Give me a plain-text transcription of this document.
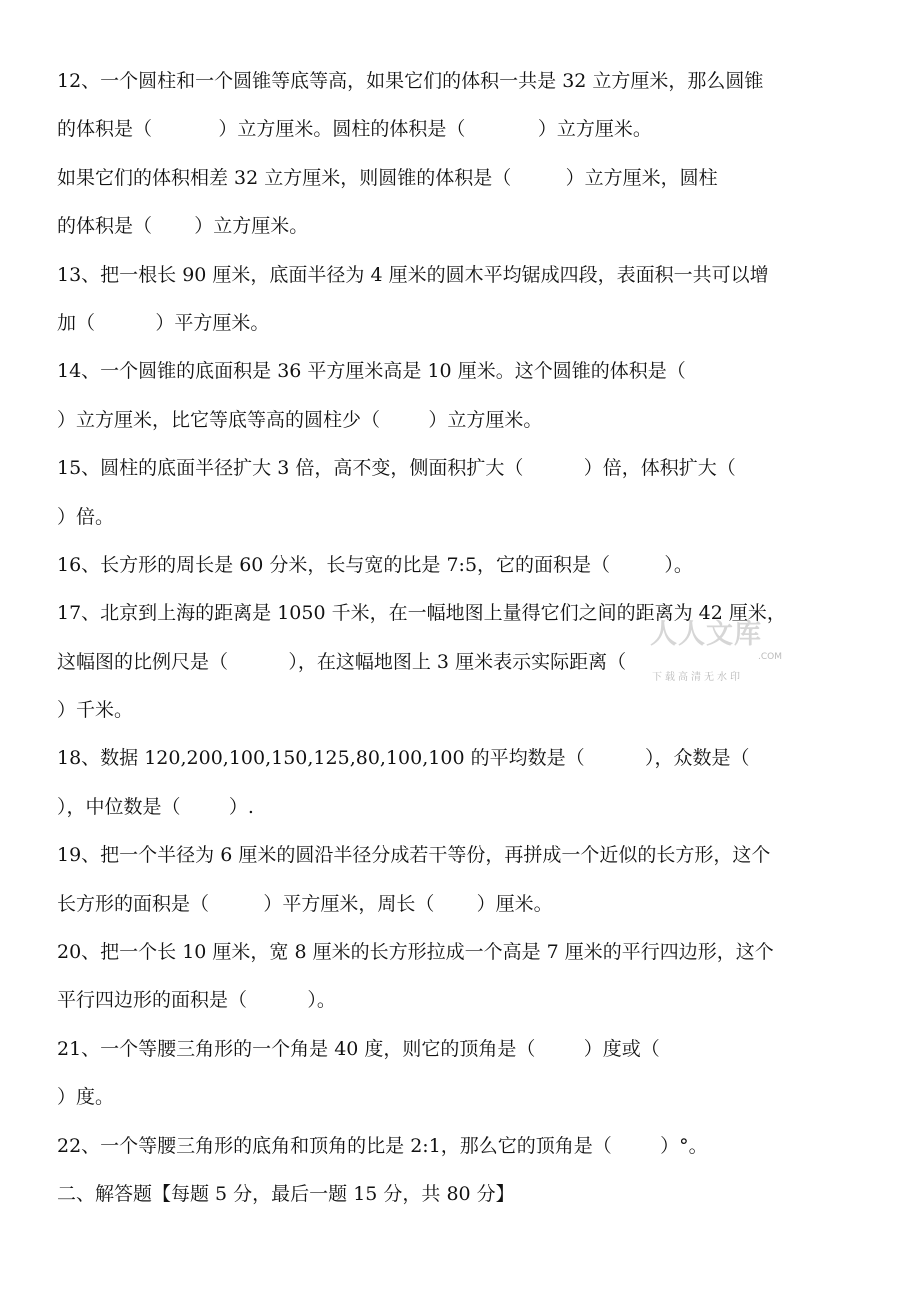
12、一个圆柱和一个圆锥等底等高，如果它们的体积一共是 32 立方厘米，那么圆锥
的体积是（           ）立方厘米。圆柱的体积是（            ）立方厘米。
如果它们的体积相差 32 立方厘米，则圆锥的体积是（         ）立方厘米，圆柱
的体积是（       ）立方厘米。
13、把一根长 90 厘米，底面半径为 4 厘米的圆木平均锯成四段，表面积一共可以增
加（          ）平方厘米。
14、一个圆锥的底面积是 36 平方厘米高是 10 厘米。这个圆锥的体积是（
）立方厘米，比它等底等高的圆柱少（        ）立方厘米。
15、圆柱的底面半径扩大 3 倍，高不变，侧面积扩大（          ）倍，体积扩大（
）倍。
16、长方形的周长是 60 分米，长与宽的比是 7:5，它的面积是（         ）。
17、北京到上海的距离是 1050 千米，在一幅地图上量得它们之间的距离为 42 厘米，
这幅图的比例尺是（          ），在这幅地图上 3 厘米表示实际距离（
）千米。
18、数据 120,200,100,150,125,80,100,100 的平均数是（          ），众数是（
），中位数是（        ）.
19、把一个半径为 6 厘米的圆沿半径分成若干等份，再拼成一个近似的长方形，这个
长方形的面积是（         ）平方厘米，周长（       ）厘米。
20、把一个长 10 厘米，宽 8 厘米的长方形拉成一个高是 7 厘米的平行四边形，这个
平行四边形的面积是（          ）。
21、一个等腰三角形的一个角是 40 度，则它的顶角是（        ）度或（
）度。
22、一个等腰三角形的底角和顶角的比是 2:1，那么它的顶角是（        ）°。
二、解答题【每题 5 分，最后一题 15 分，共 80 分】
人人文库
.COM
下载高清无水印
